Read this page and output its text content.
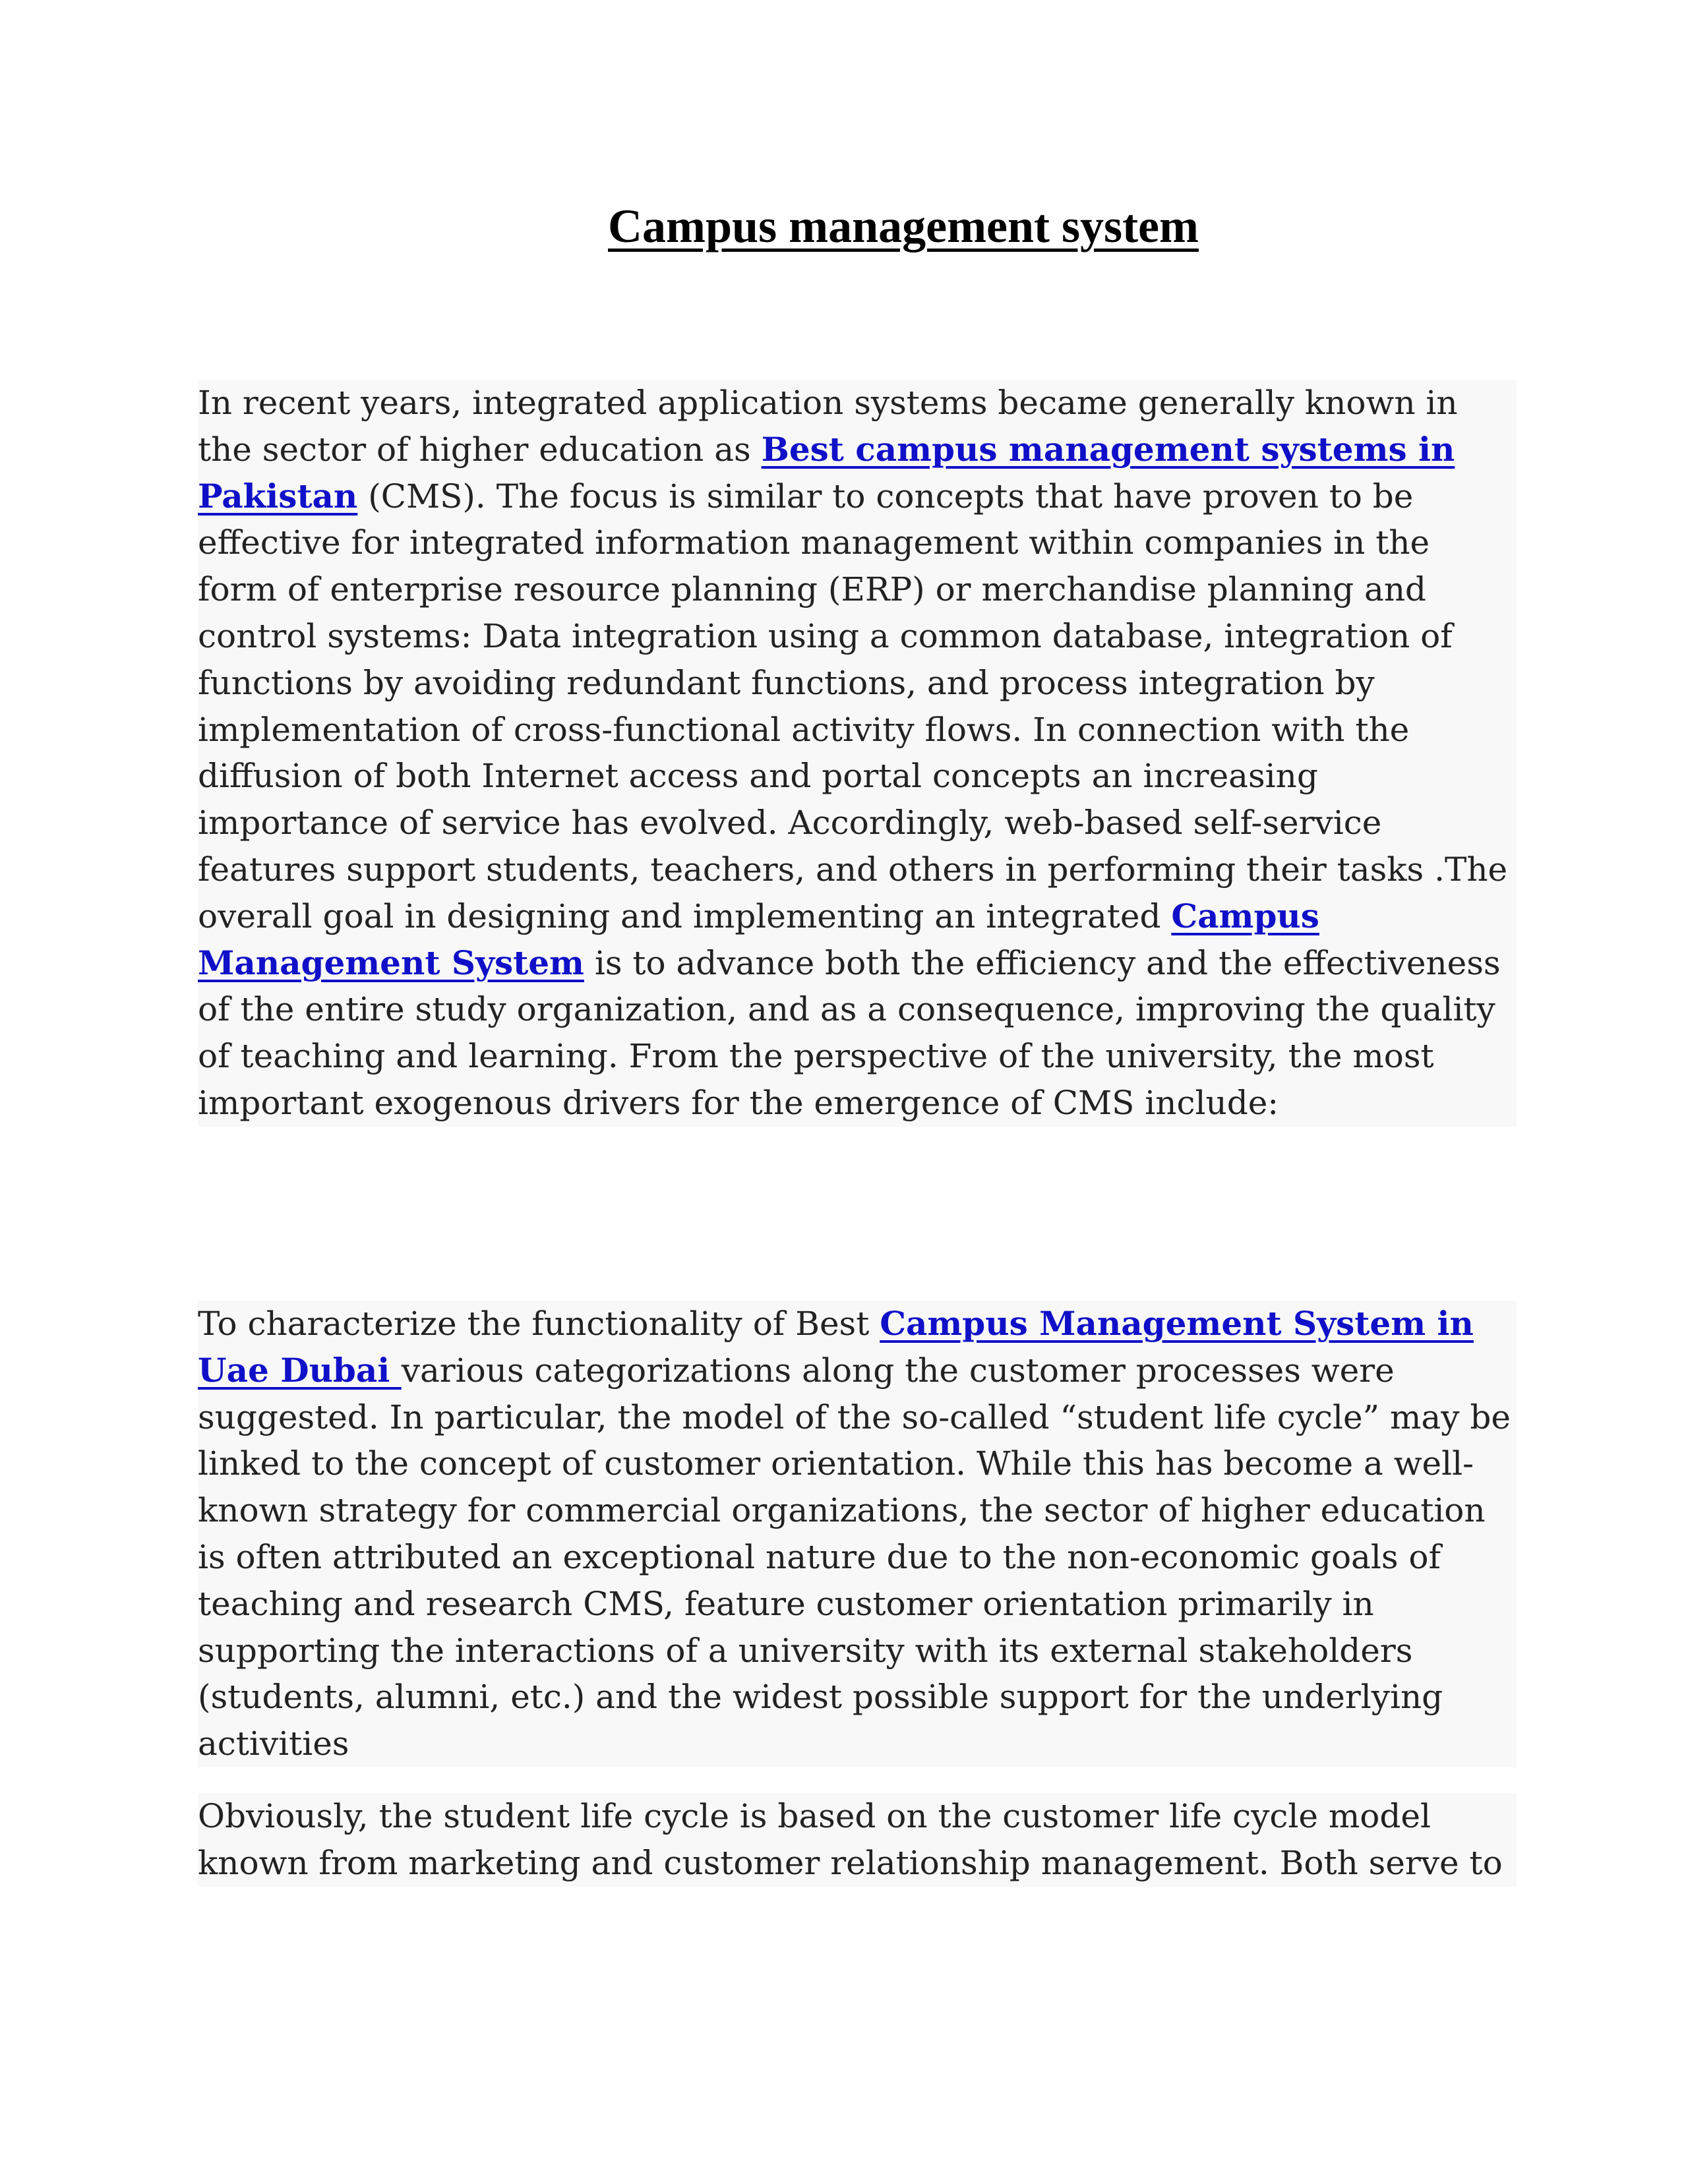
Campus management system

In recent years, integrated application systems became generally known in the sector of higher education as Best campus management systems in Pakistan (CMS). The focus is similar to concepts that have proven to be effective for integrated information management within companies in the form of enterprise resource planning (ERP) or merchandise planning and control systems: Data integration using a common database, integration of functions by avoiding redundant functions, and process integration by implementation of cross-functional activity flows. In connection with the diffusion of both Internet access and portal concepts an increasing importance of service has evolved. Accordingly, web-based self-service features support students, teachers, and others in performing their tasks .The overall goal in designing and implementing an integrated Campus Management System is to advance both the efficiency and the effectiveness of the entire study organization, and as a consequence, improving the quality of teaching and learning. From the perspective of the university, the most important exogenous drivers for the emergence of CMS include:

To characterize the functionality of Best Campus Management System in Uae Dubai various categorizations along the customer processes were suggested. In particular, the model of the so-called “student life cycle” may be linked to the concept of customer orientation. While this has become a well-known strategy for commercial organizations, the sector of higher education is often attributed an exceptional nature due to the non-economic goals of teaching and research CMS, feature customer orientation primarily in supporting the interactions of a university with its external stakeholders (students, alumni, etc.) and the widest possible support for the underlying activities

Obviously, the student life cycle is based on the customer life cycle model known from marketing and customer relationship management. Both serve to
